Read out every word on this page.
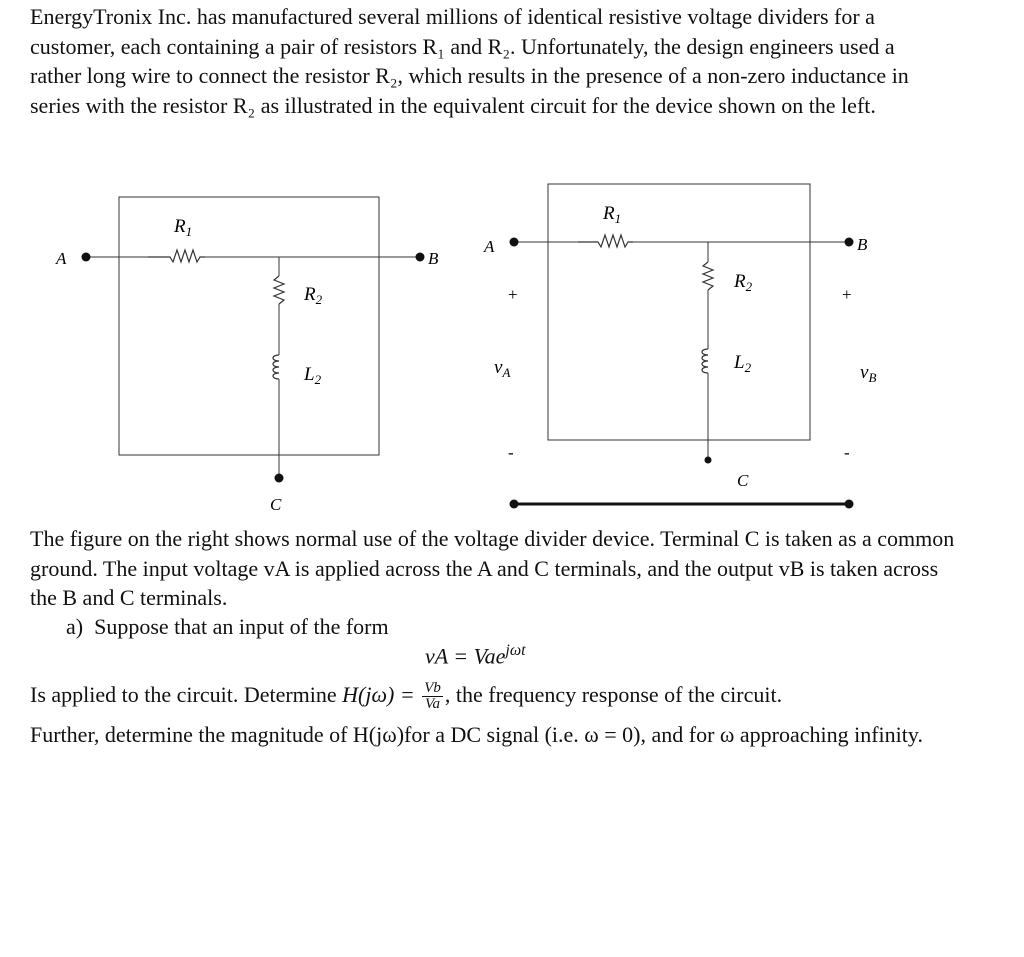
EnergyTronix Inc. has manufactured several millions of identical resistive voltage dividers for a customer, each containing a pair of resistors R₁ and R₂. Unfortunately, the design engineers used a rather long wire to connect the resistor R₂, which results in the presence of a non-zero inductance in series with the resistor R₂ as illustrated in the equivalent circuit for the device shown on the left.

A	B
C
$R_1$
$R_2$
$L_2$
A	B
C
$R_1$
$R_2$
$L_2$
+
-
$v_A$
+
-
$v_B$

The figure on the right shows normal use of the voltage divider device. Terminal C is taken as a common ground. The input voltage vA is applied across the A and C terminals, and the output vB is taken across the B and C terminals.

a) Suppose that an input of the form
vA = Vae$^{j\omega t}$
Is applied to the circuit. Determine $H(j\omega) = \frac{Vb}{Va}$ , the frequency response of the circuit.
Further, determine the magnitude of H(jω)for a DC signal (i.e. ω = 0), and for ω approaching infinity.
